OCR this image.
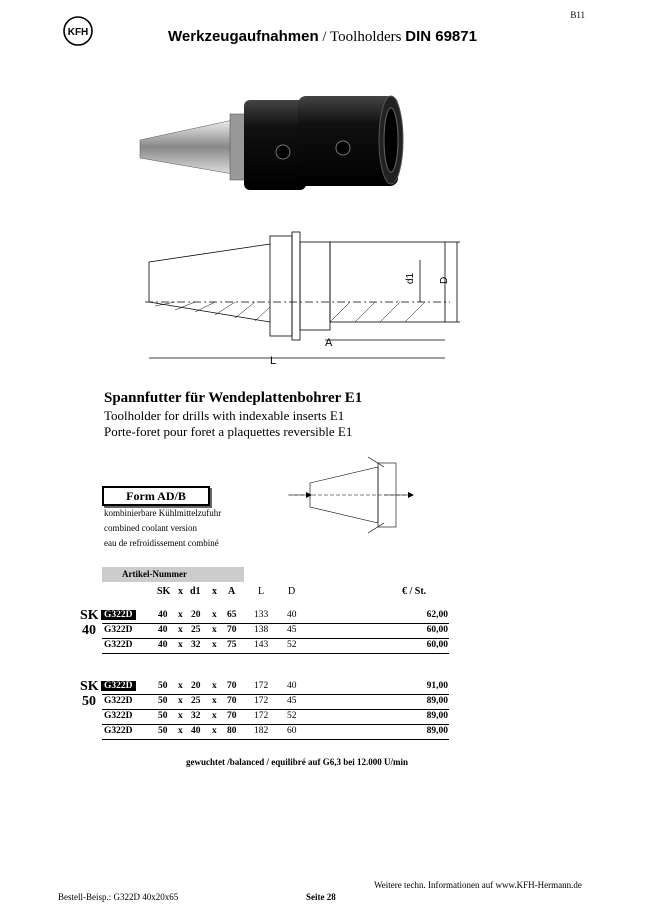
B11
KFH	Werkzeugaufnahmen / Toolholders DIN 69871
A
L
d1 D
Spannfutter für Wendeplattenbohrer E1
Toolholder for drills with indexable inserts E1
Porte-foret pour foret a plaquettes reversible E1
Form AD/B
kombinierbare Kühlmittelzufuhr
combined coolant version
eau de refroidissement combiné
Artikel-Nummer
SK x d1 x A L D	€ / St.
SK
40
G322D	40 x 20 x 65 133 40	62,00
G322D	40 x 25 x 70 138 45	60,00
G322D	40 x 32 x 75 143 52	60,00
SK
50
G322D	50 x 20 x 70 172 40	91,00
G322D	50 x 25 x 70 172 45	89,00
G322D	50 x 32 x 70 172 52	89,00
G322D	50 x 40 x 80 182 60	89,00
gewuchtet /balanced / equilibré auf G6,3 bei 12.000 U/min
Bestell-Beisp.: G322D 40x20x65	Seite 28
Weitere techn. Informationen auf www.KFH-Hermann.de
